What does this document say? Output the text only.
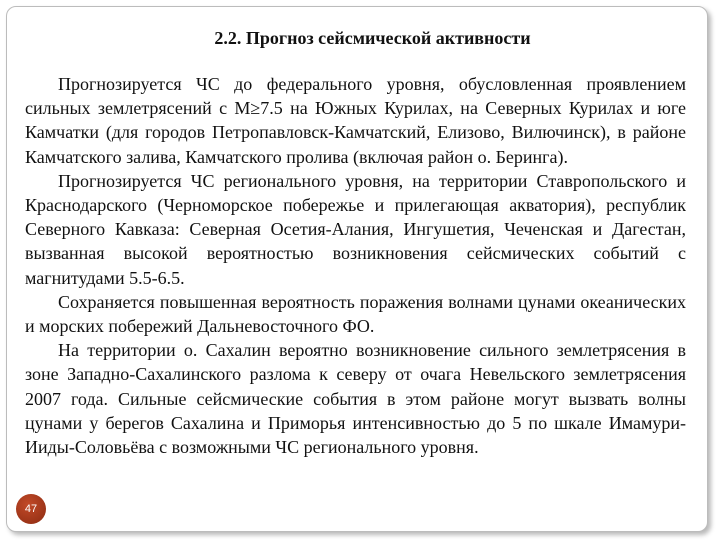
2.2. Прогноз сейсмической активности

Прогнозируется ЧС до федерального уровня, обусловленная проявлением сильных землетрясений с М≥7.5 на Южных Курилах, на Северных Курилах и юге Камчатки (для городов Петропавловск-Камчатский, Елизово, Вилючинск), в районе Камчатского залива, Камчатского пролива (включая район о. Беринга).

Прогнозируется ЧС регионального уровня, на территории Ставропольского и Краснодарского (Черноморское побережье и прилегающая акватория), республик Северного Кавказа: Северная Осетия-Алания, Ингушетия, Чеченская и Дагестан, вызванная высокой вероятностью возникновения сейсмических событий с магнитудами 5.5-6.5.

Сохраняется повышенная вероятность поражения волнами цунами океанических и морских побережий Дальневосточного ФО.

На территории о. Сахалин вероятно возникновение сильного землетрясения в зоне Западно-Сахалинского разлома к северу от очага Невельского землетрясения 2007 года. Сильные сейсмические события в этом районе могут вызвать волны цунами у берегов Сахалина и Приморья интенсивностью до 5 по шкале Имамури-Ииды-Соловьёва с возможными ЧС регионального уровня.

47
